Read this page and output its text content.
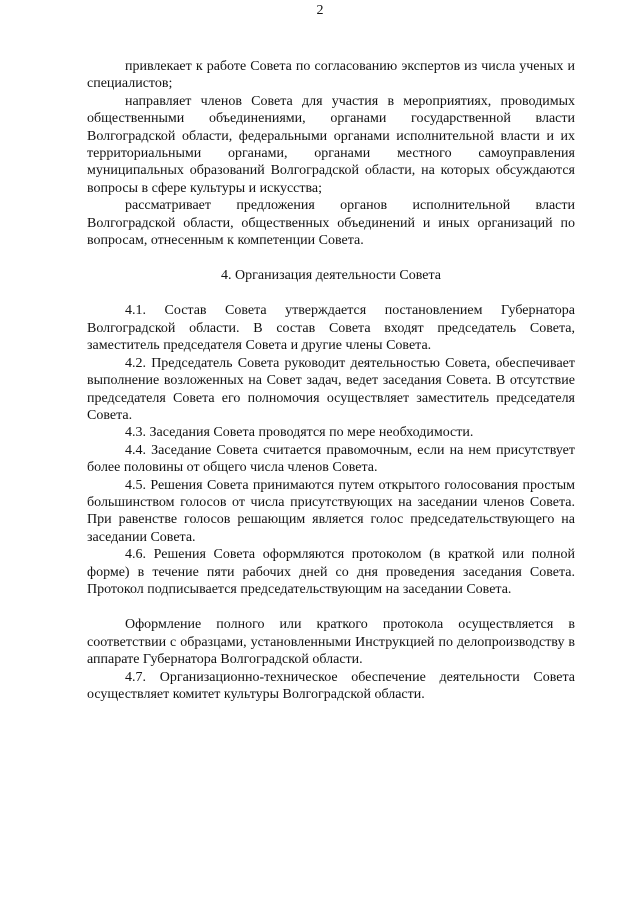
2

привлекает к работе Совета по согласованию экспертов из числа ученых и специалистов;

направляет членов Совета для участия в мероприятиях, проводимых общественными объединениями, органами государственной власти Волгоградской области, федеральными органами исполнительной власти и их территориальными органами, органами местного самоуправления муниципальных образований Волгоградской области, на которых обсуждаются вопросы в сфере культуры и искусства;

рассматривает предложения органов исполнительной власти Волгоградской области, общественных объединений и иных организаций по вопросам, отнесенным к компетенции Совета.

4. Организация деятельности Совета

4.1. Состав Совета утверждается постановлением Губернатора Волгоградской области. В состав Совета входят председатель Совета, заместитель председателя Совета и другие члены Совета.

4.2. Председатель Совета руководит деятельностью Совета, обеспечивает выполнение возложенных на Совет задач, ведет заседания Совета. В отсутствие председателя Совета его полномочия осуществляет заместитель председателя Совета.

4.3. Заседания Совета проводятся по мере необходимости.

4.4. Заседание Совета считается правомочным, если на нем присутствует более половины от общего числа членов Совета.

4.5. Решения Совета принимаются путем открытого голосования простым большинством голосов от числа присутствующих на заседании членов Совета. При равенстве голосов решающим является голос председательствующего на заседании Совета.

4.6. Решения Совета оформляются протоколом (в краткой или полной форме) в течение пяти рабочих дней со дня проведения заседания Совета. Протокол подписывается председательствующим на заседании Совета.

Оформление полного или краткого протокола осуществляется в соответствии с образцами, установленными Инструкцией по делопроизводству в аппарате Губернатора Волгоградской области.

4.7. Организационно-техническое обеспечение деятельности Совета осуществляет комитет культуры Волгоградской области.
